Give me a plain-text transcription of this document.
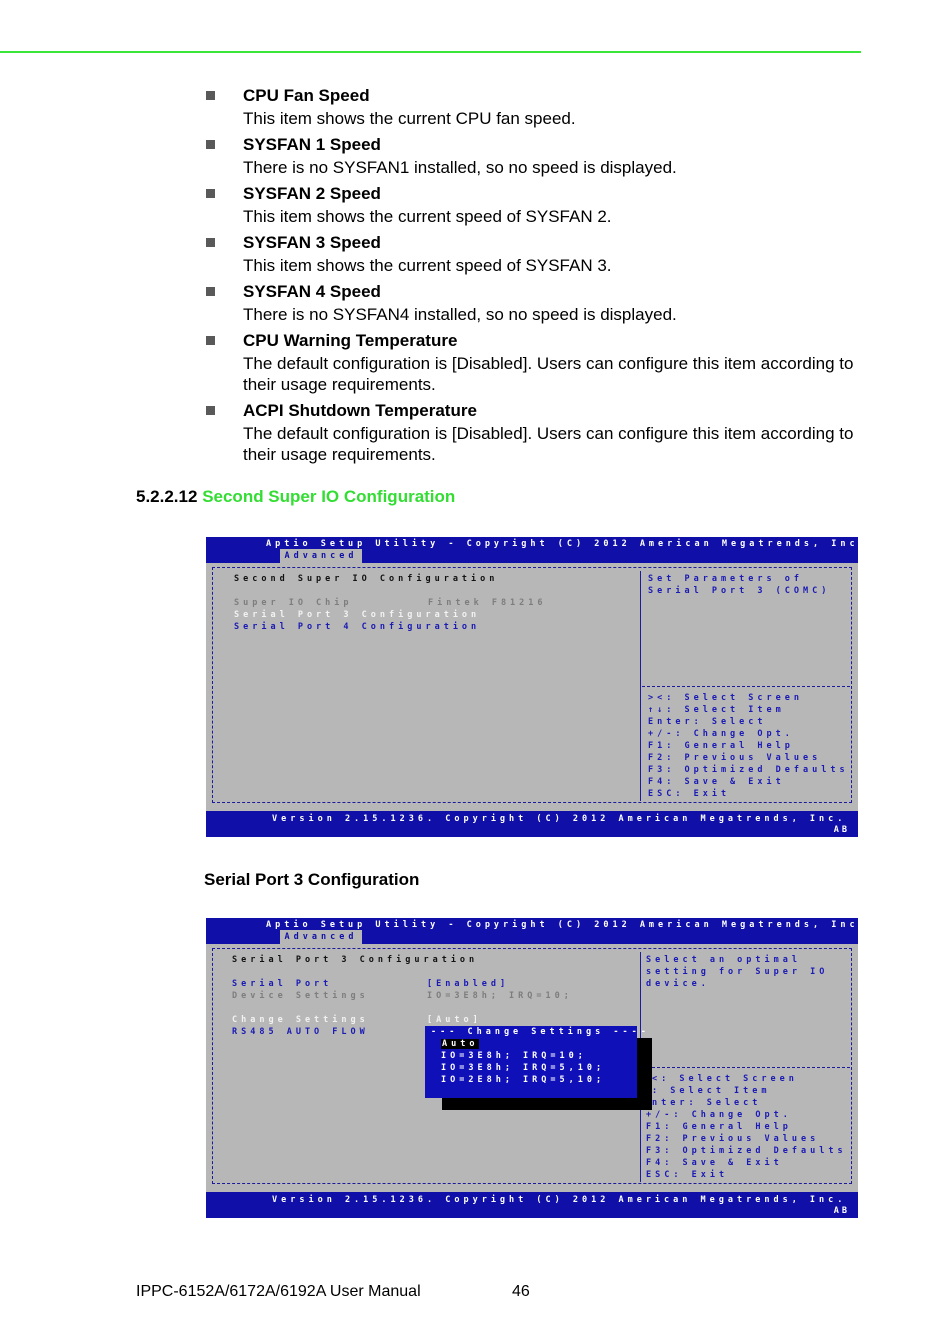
CPU Fan Speed
This item shows the current CPU fan speed.
SYSFAN 1 Speed
There is no SYSFAN1 installed, so no speed is displayed.
SYSFAN 2 Speed
This item shows the current speed of SYSFAN 2.
SYSFAN 3 Speed
This item shows the current speed of SYSFAN 3.
SYSFAN 4 Speed
There is no SYSFAN4 installed, so no speed is displayed.
CPU Warning Temperature
The default configuration is [Disabled]. Users can configure this item according to their usage requirements.
ACPI Shutdown Temperature
The default configuration is [Disabled]. Users can configure this item according to their usage requirements.
5.2.2.12 Second Super IO Configuration
Aptio Setup Utility - Copyright (C) 2012 American Megatrends, Inc.
Advanced
Second Super IO Configuration
Super IO Chip	Fintek F81216
Serial Port 3 Configuration
Serial Port 4 Configuration
Set Parameters of
Serial Port 3 (COMC)
><: Select Screen
↑↓: Select Item
Enter: Select
+/-: Change Opt.
F1: General Help
F2: Previous Values
F3: Optimized Defaults
F4: Save & Exit
ESC: Exit
Version 2.15.1236. Copyright (C) 2012 American Megatrends, Inc.
AB
Serial Port 3 Configuration
Aptio Setup Utility - Copyright (C) 2012 American Megatrends, Inc.
Advanced
Serial Port 3 Configuration
Serial Port	[Enabled]
Device Settings	IO=3E8h; IRQ=10;
Change Settings	[Auto]
RS485 AUTO FLOW
Select an optimal
setting for Super IO
device.
<: Select Screen
: Select Item
nter: Select
+/-: Change Opt.
F1: General Help
F2: Previous Values
F3: Optimized Defaults
F4: Save & Exit
ESC: Exit
--- Change Settings ----
Auto
IO=3E8h; IRQ=10;
IO=3E8h; IRQ=5,10;
IO=2E8h; IRQ=5,10;
Version 2.15.1236. Copyright (C) 2012 American Megatrends, Inc.
AB
IPPC-6152A/6172A/6192A User Manual	46
